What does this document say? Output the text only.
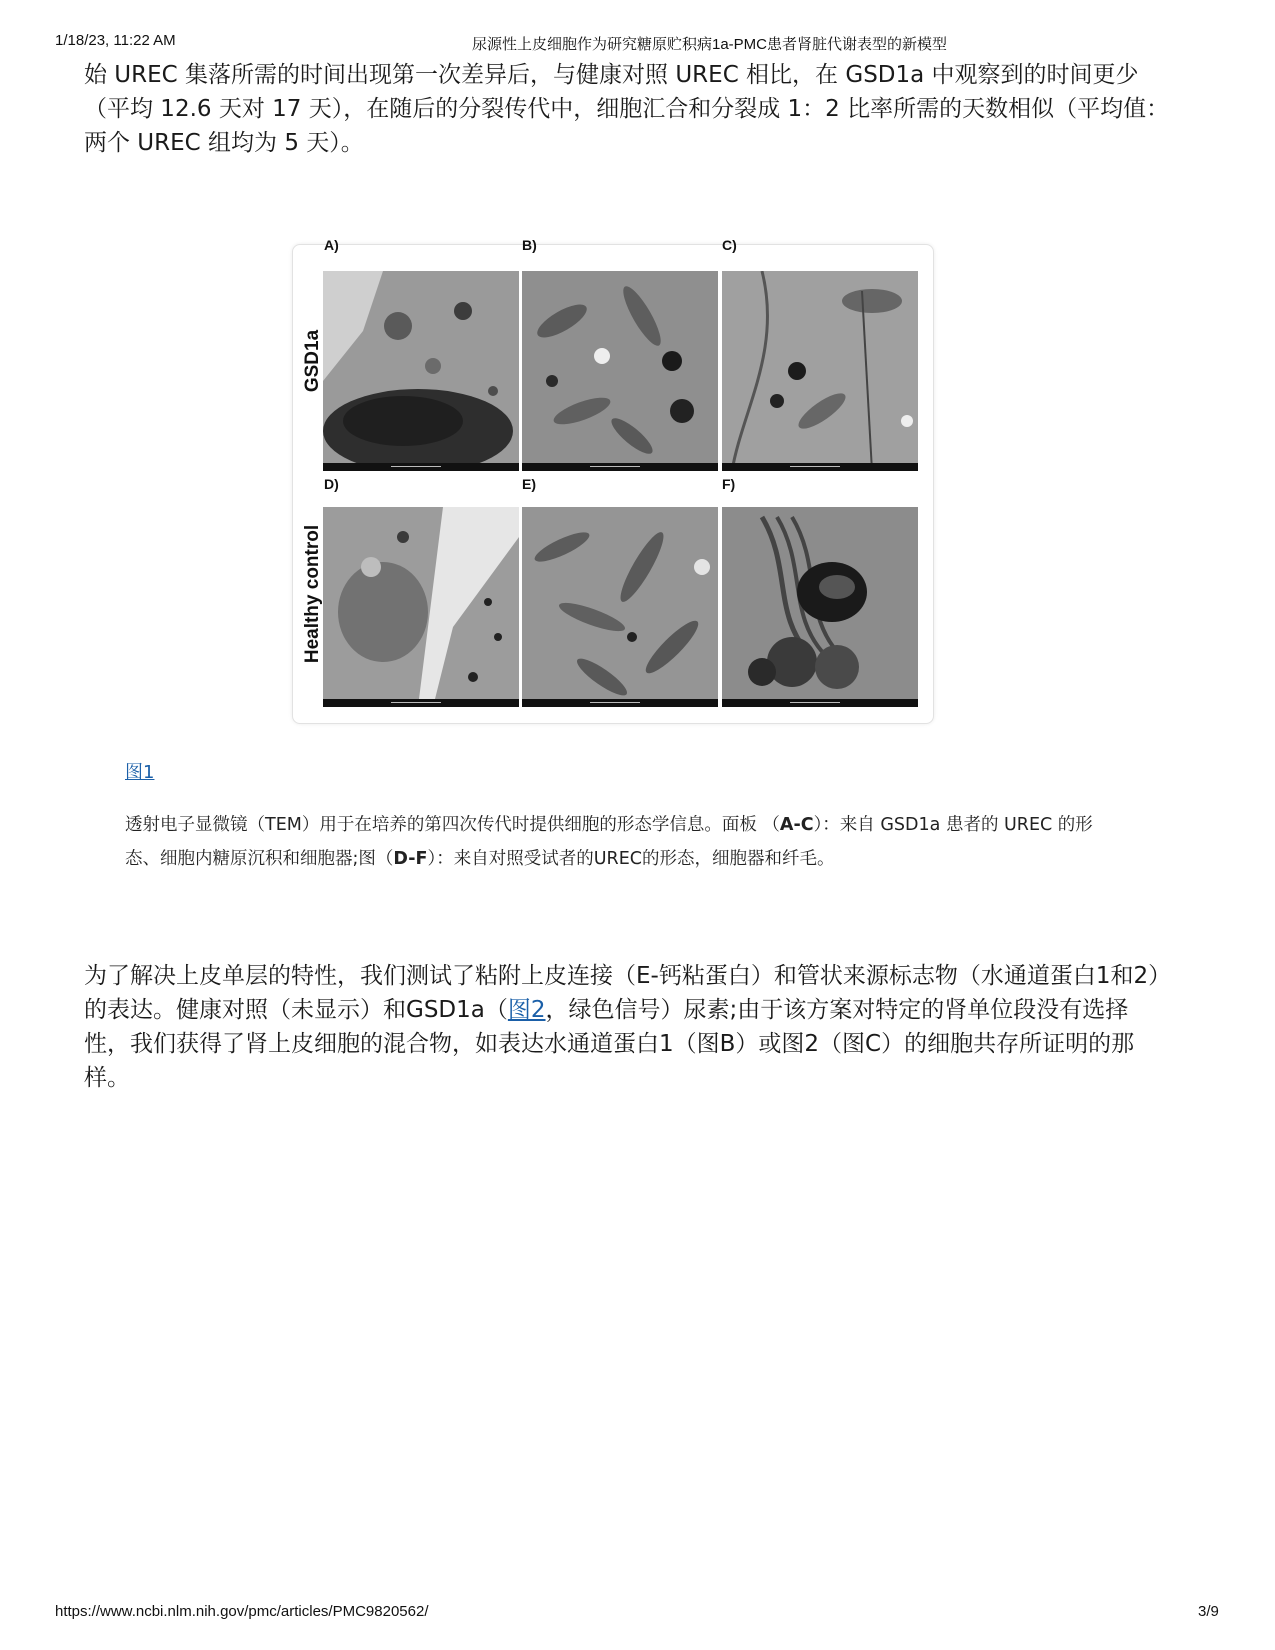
1/18/23, 11:22 AM	尿源性上皮细胞作为研究糖原贮积病1a-PMC患者肾脏代谢表型的新模型

始 UREC 集落所需的时间出现第一次差异后，与健康对照 UREC 相比，在 GSD1a 中观察到的时间更少（平均 12.6 天对 17 天），在随后的分裂传代中，细胞汇合和分裂成 1：2 比率所需的天数相似（平均值： 两个 UREC 组均为 5 天）。

GSD1a
Healthy control
A)	B)	C)
D)	E)	F)
图1

透射电子显微镜（TEM）用于在培养的第四次传代时提供细胞的形态学信息。面板 （A-C）：来自 GSD1a 患者的 UREC 的形态、细胞内糖原沉积和细胞器;图（D-F）：来自对照受试者的UREC的形态，细胞器和纤毛。

为了解决上皮单层的特性，我们测试了粘附上皮连接（E-钙粘蛋白）和管状来源标志物（水通道蛋白1和2）的表达。健康对照（未显示）和GSD1a（图2，绿色信号）尿素;由于该方案对特定的肾单位段没有选择性，我们获得了肾上皮细胞的混合物，如表达水通道蛋白1（图B）或图2（图C）的细胞共存所证明的那样。

https://www.ncbi.nlm.nih.gov/pmc/articles/PMC9820562/	3/9
